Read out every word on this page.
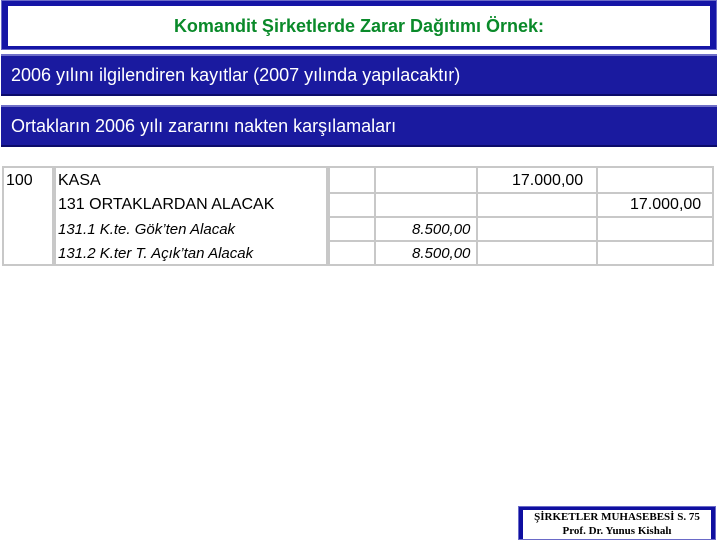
Komandit Şirketlerde Zarar Dağıtımı Örnek:
2006 yılını ilgilendiren kayıtlar (2007 yılında yapılacaktır)
Ortakların 2006 yılı zararını nakten karşılamaları
100 KASA
131 ORTAKLARDAN ALACAK
131.1 K.te. Gök’ten Alacak
131.2 K.ter T. Açık’tan Alacak
17.000,00
17.000,00
8.500,00
8.500,00
ŞİRKETLER MUHASEBESİ S. 75
Prof. Dr. Yunus Kishalı
